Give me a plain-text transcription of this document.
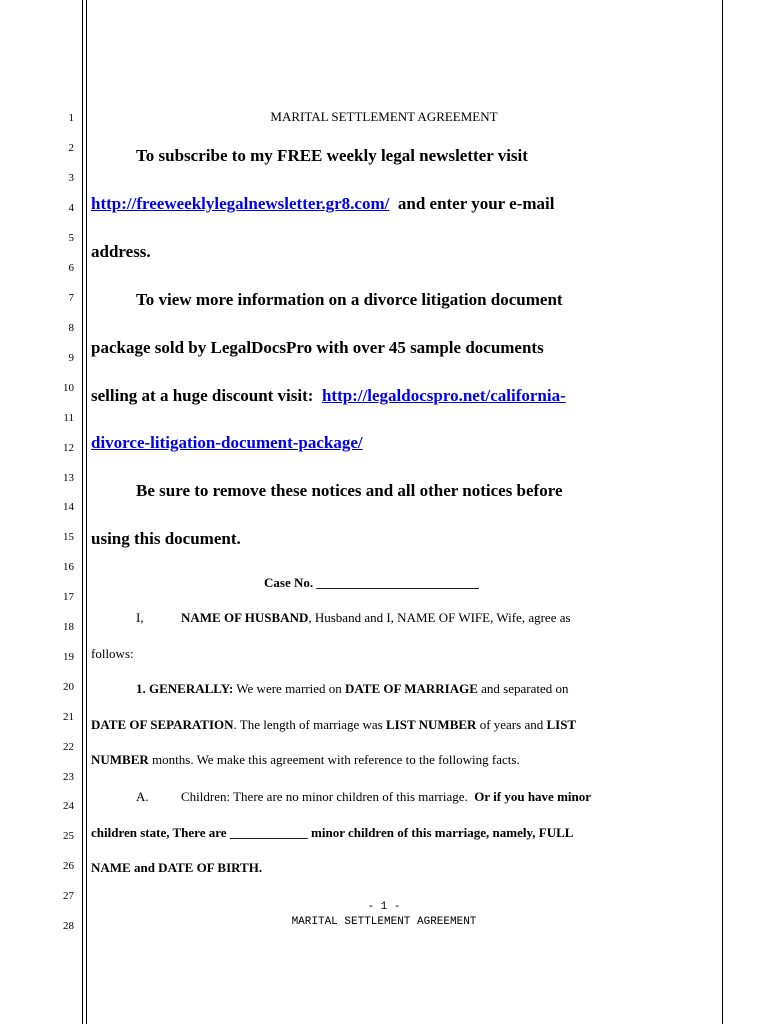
1
2
3
4
5
6
7
8
9
10
11
12
13
14
15
16
17
18
19
20
21
22
23
24
25
26
27
28
MARITAL SETTLEMENT AGREEMENT
To subscribe to my FREE weekly legal newsletter visit
http://freeweeklylegalnewsletter.gr8.com/ and enter your e-mail
address.
To view more information on a divorce litigation document
package sold by LegalDocsPro with over 45 sample documents
selling at a huge discount visit: http://legaldocspro.net/california-
divorce-litigation-document-package/
Be sure to remove these notices and all other notices before
using this document.
Case No. _________________________
I,	NAME OF HUSBAND, Husband and I, NAME OF WIFE, Wife, agree as
follows:
1. GENERALLY: We were married on DATE OF MARRIAGE and separated on
DATE OF SEPARATION. The length of marriage was LIST NUMBER of years and LIST
NUMBER months. We make this agreement with reference to the following facts.
A. Children: There are no minor children of this marriage. Or if you have minor
children state, There are ____________ minor children of this marriage, namely, FULL
NAME and DATE OF BIRTH.
- 1 -
MARITAL SETTLEMENT AGREEMENT
